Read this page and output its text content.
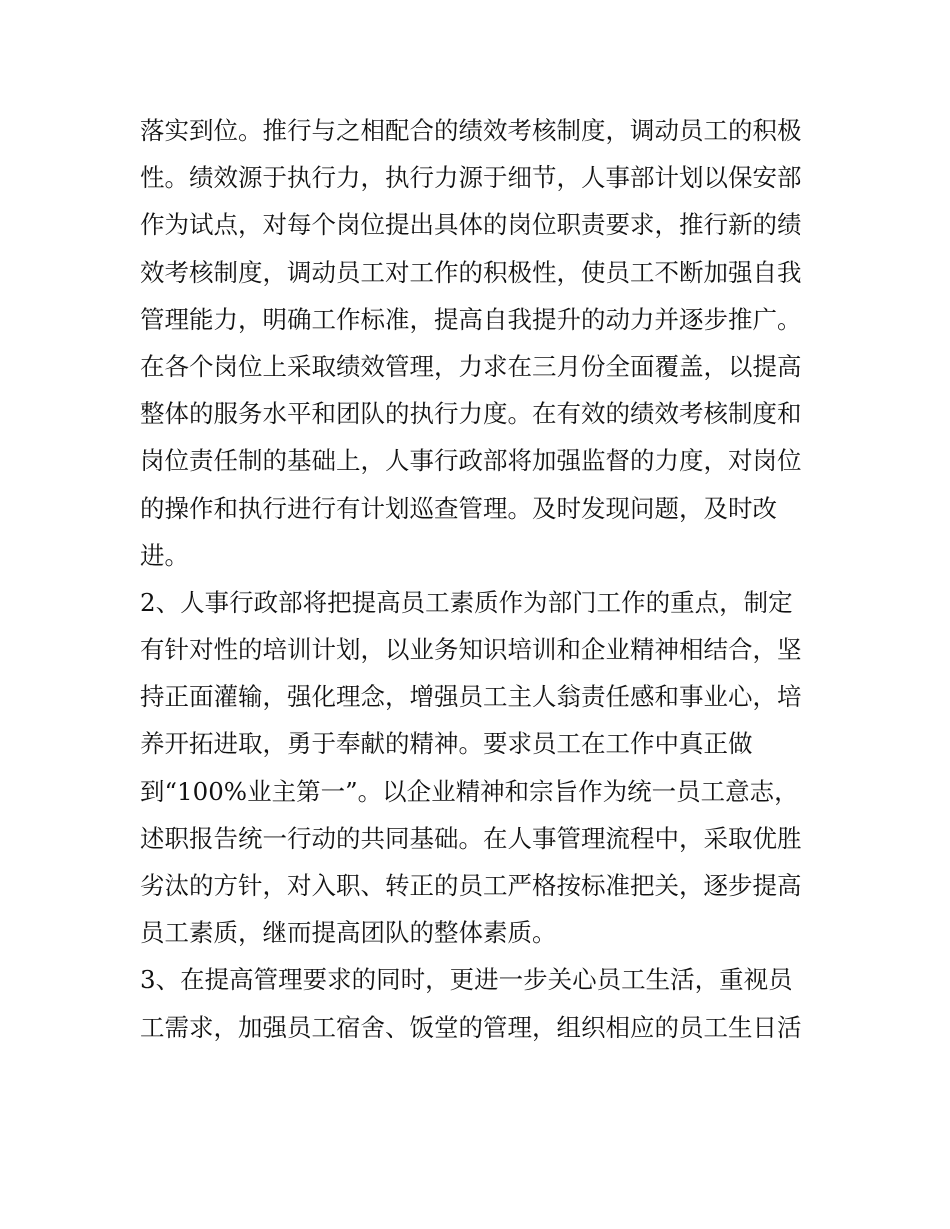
落实到位。推行与之相配合的绩效考核制度，调动员工的积极
性。绩效源于执行力，执行力源于细节，人事部计划以保安部
作为试点，对每个岗位提出具体的岗位职责要求，推行新的绩
效考核制度，调动员工对工作的积极性，使员工不断加强自我
管理能力，明确工作标准，提高自我提升的动力并逐步推广。
在各个岗位上采取绩效管理，力求在三月份全面覆盖，以提高
整体的服务水平和团队的执行力度。在有效的绩效考核制度和
岗位责任制的基础上，人事行政部将加强监督的力度，对岗位
的操作和执行进行有计划巡查管理。及时发现问题，及时改
进。
2、人事行政部将把提高员工素质作为部门工作的重点，制定
有针对性的培训计划，以业务知识培训和企业精神相结合，坚
持正面灌输，强化理念，增强员工主人翁责任感和事业心，培
养开拓进取，勇于奉献的精神。要求员工在工作中真正做
到“100%业主第一”。以企业精神和宗旨作为统一员工意志，
述职报告统一行动的共同基础。在人事管理流程中，采取优胜
劣汰的方针，对入职、转正的员工严格按标准把关，逐步提高
员工素质，继而提高团队的整体素质。
3、在提高管理要求的同时，更进一步关心员工生活，重视员
工需求，加强员工宿舍、饭堂的管理，组织相应的员工生日活
